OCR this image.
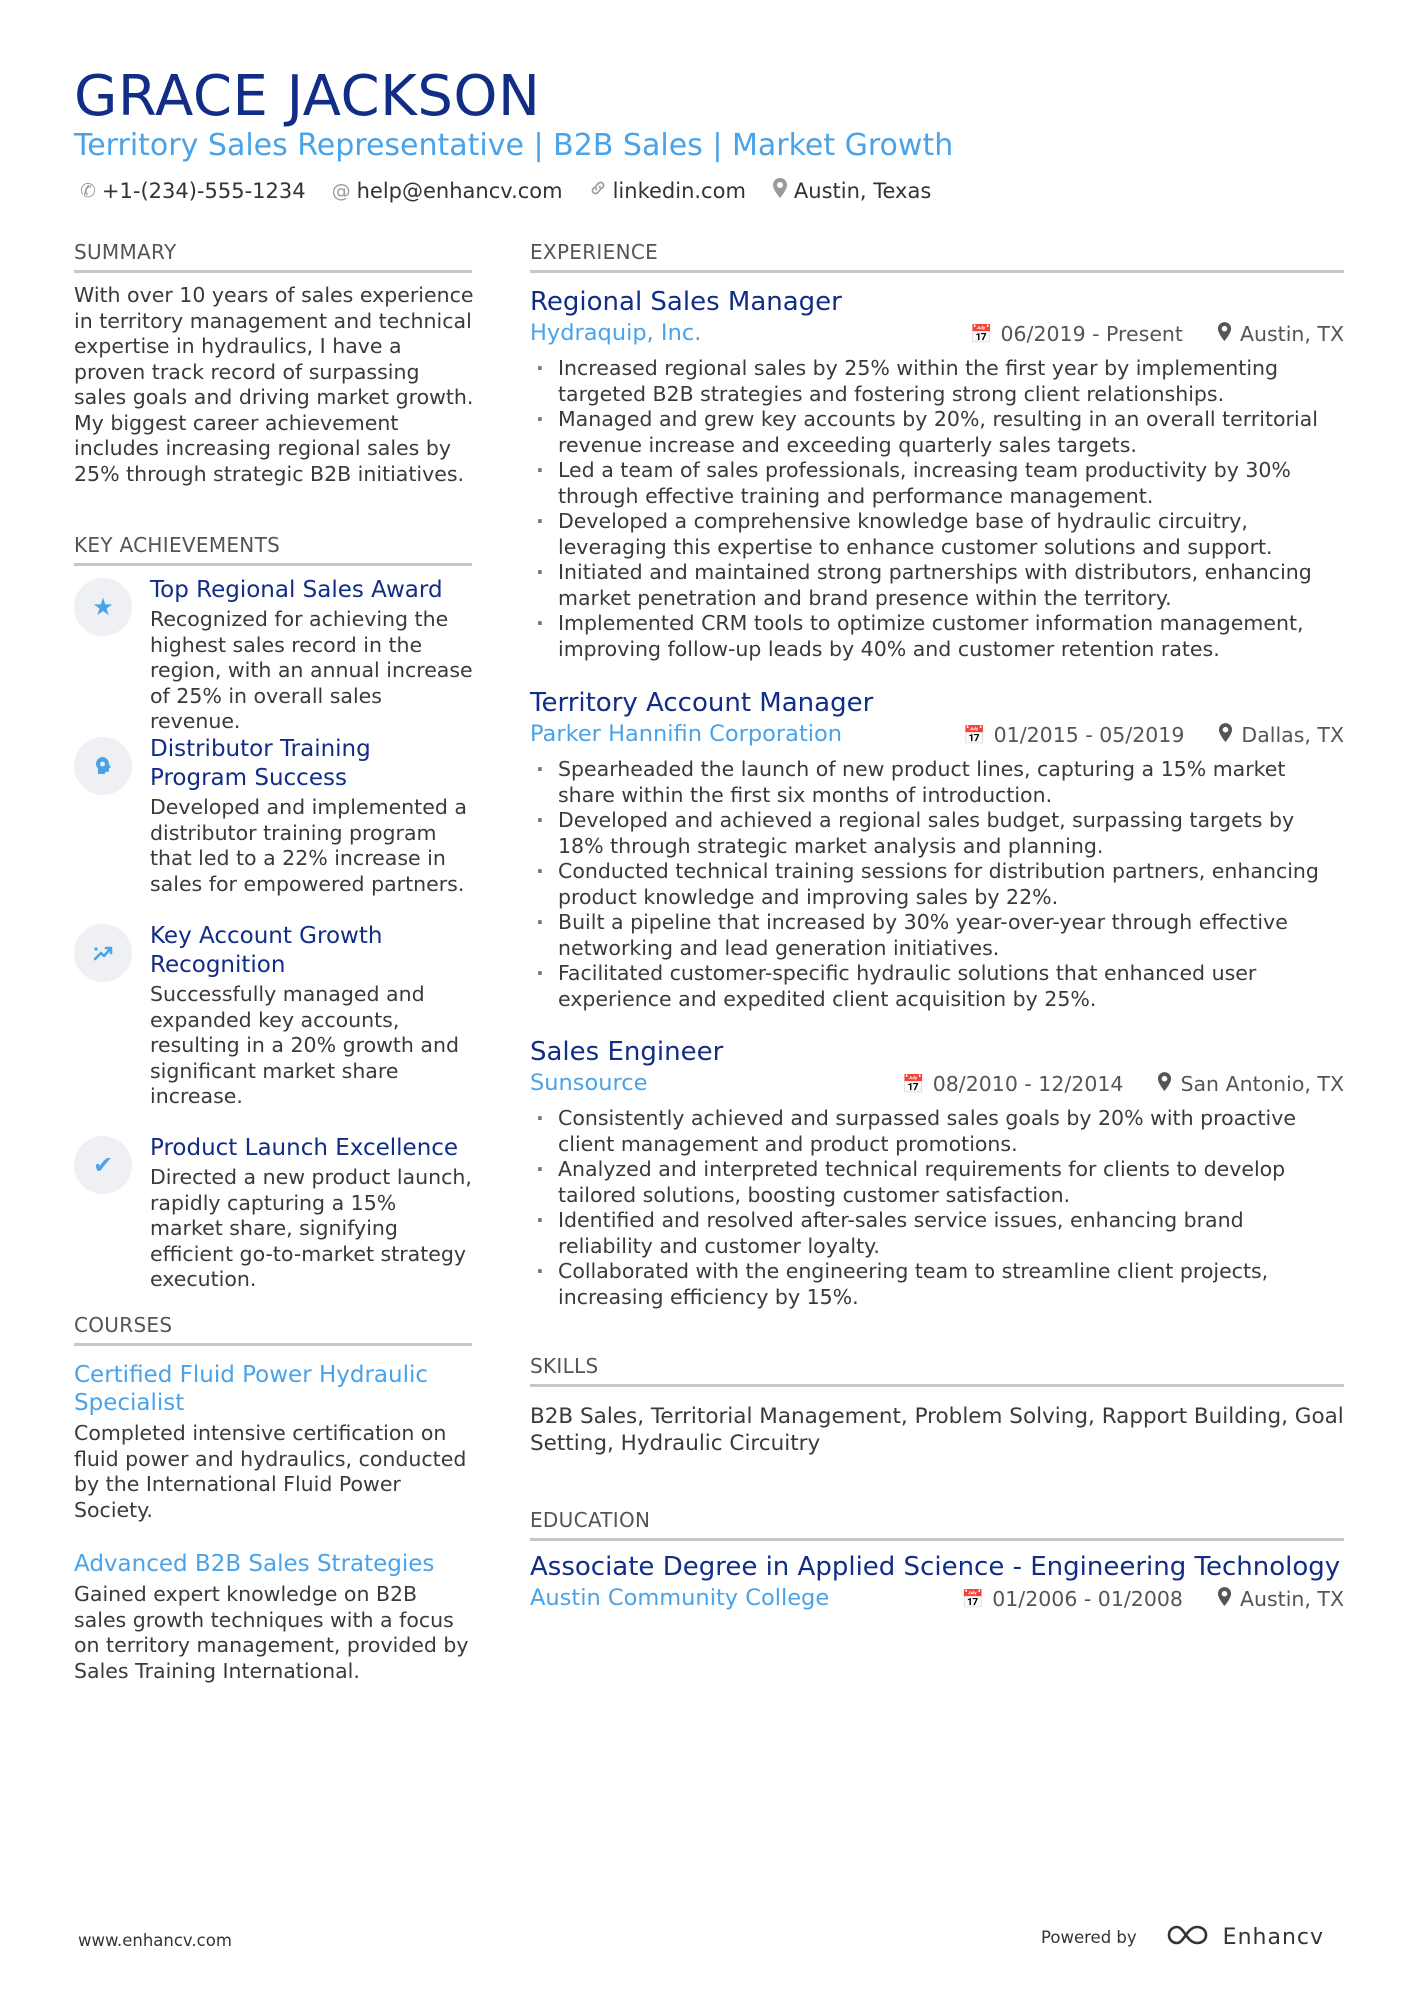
GRACE JACKSON
Territory Sales Representative | B2B Sales | Market Growth
✆ +1-(234)-555-1234 @ help@enhancv.com linkedin.com Austin, Texas
SUMMARY

With over 10 years of sales experience in territory management and technical expertise in hydraulics, I have a proven track record of surpassing sales goals and driving market growth. My biggest career achievement includes increasing regional sales by 25% through strategic B2B initiatives.

KEY ACHIEVEMENTS
★

Top Regional Sales Award

Recognized for achieving the highest sales record in the region, with an annual increase of 25% in overall sales revenue.

Distributor Training Program Success

Developed and implemented a distributor training program that led to a 22% increase in sales for empowered partners.

Key Account Growth Recognition

Successfully managed and expanded key accounts, resulting in a 20% growth and significant market share increase.

✔

Product Launch Excellence

Directed a new product launch, rapidly capturing a 15% market share, signifying efficient go-to-market strategy execution.

COURSES

Certified Fluid Power Hydraulic Specialist

Completed intensive certification on fluid power and hydraulics, conducted by the International Fluid Power Society.

Advanced B2B Sales Strategies

Gained expert knowledge on B2B sales growth techniques with a focus on territory management, provided by Sales Training International.

EXPERIENCE

Regional Sales Manager

Hydraquip, Inc.	📅 06/2019 - Present	Austin, TX
· Increased regional sales by 25% within the first year by implementing targeted B2B strategies and fostering strong client relationships.
· Managed and grew key accounts by 20%, resulting in an overall territorial revenue increase and exceeding quarterly sales targets.
· Led a team of sales professionals, increasing team productivity by 30% through effective training and performance management.
· Developed a comprehensive knowledge base of hydraulic circuitry, leveraging this expertise to enhance customer solutions and support.
· Initiated and maintained strong partnerships with distributors, enhancing market penetration and brand presence within the territory.
· Implemented CRM tools to optimize customer information management, improving follow-up leads by 40% and customer retention rates.

Territory Account Manager

Parker Hannifin Corporation	📅 01/2015 - 05/2019	Dallas, TX
· Spearheaded the launch of new product lines, capturing a 15% market share within the first six months of introduction.
· Developed and achieved a regional sales budget, surpassing targets by 18% through strategic market analysis and planning.
· Conducted technical training sessions for distribution partners, enhancing product knowledge and improving sales by 22%.
· Built a pipeline that increased by 30% year-over-year through effective networking and lead generation initiatives.
· Facilitated customer-specific hydraulic solutions that enhanced user experience and expedited client acquisition by 25%.

Sales Engineer

Sunsource	📅 08/2010 - 12/2014	San Antonio, TX
· Consistently achieved and surpassed sales goals by 20% with proactive client management and product promotions.
· Analyzed and interpreted technical requirements for clients to develop tailored solutions, boosting customer satisfaction.
· Identified and resolved after-sales service issues, enhancing brand reliability and customer loyalty.
· Collaborated with the engineering team to streamline client projects, increasing efficiency by 15%.
SKILLS

B2B Sales, Territorial Management, Problem Solving, Rapport Building, Goal Setting, Hydraulic Circuitry

EDUCATION

Associate Degree in Applied Science - Engineering Technology

Austin Community College	📅 01/2006 - 01/2008	Austin, TX
www.enhancv.com	Powered by	Enhancv
